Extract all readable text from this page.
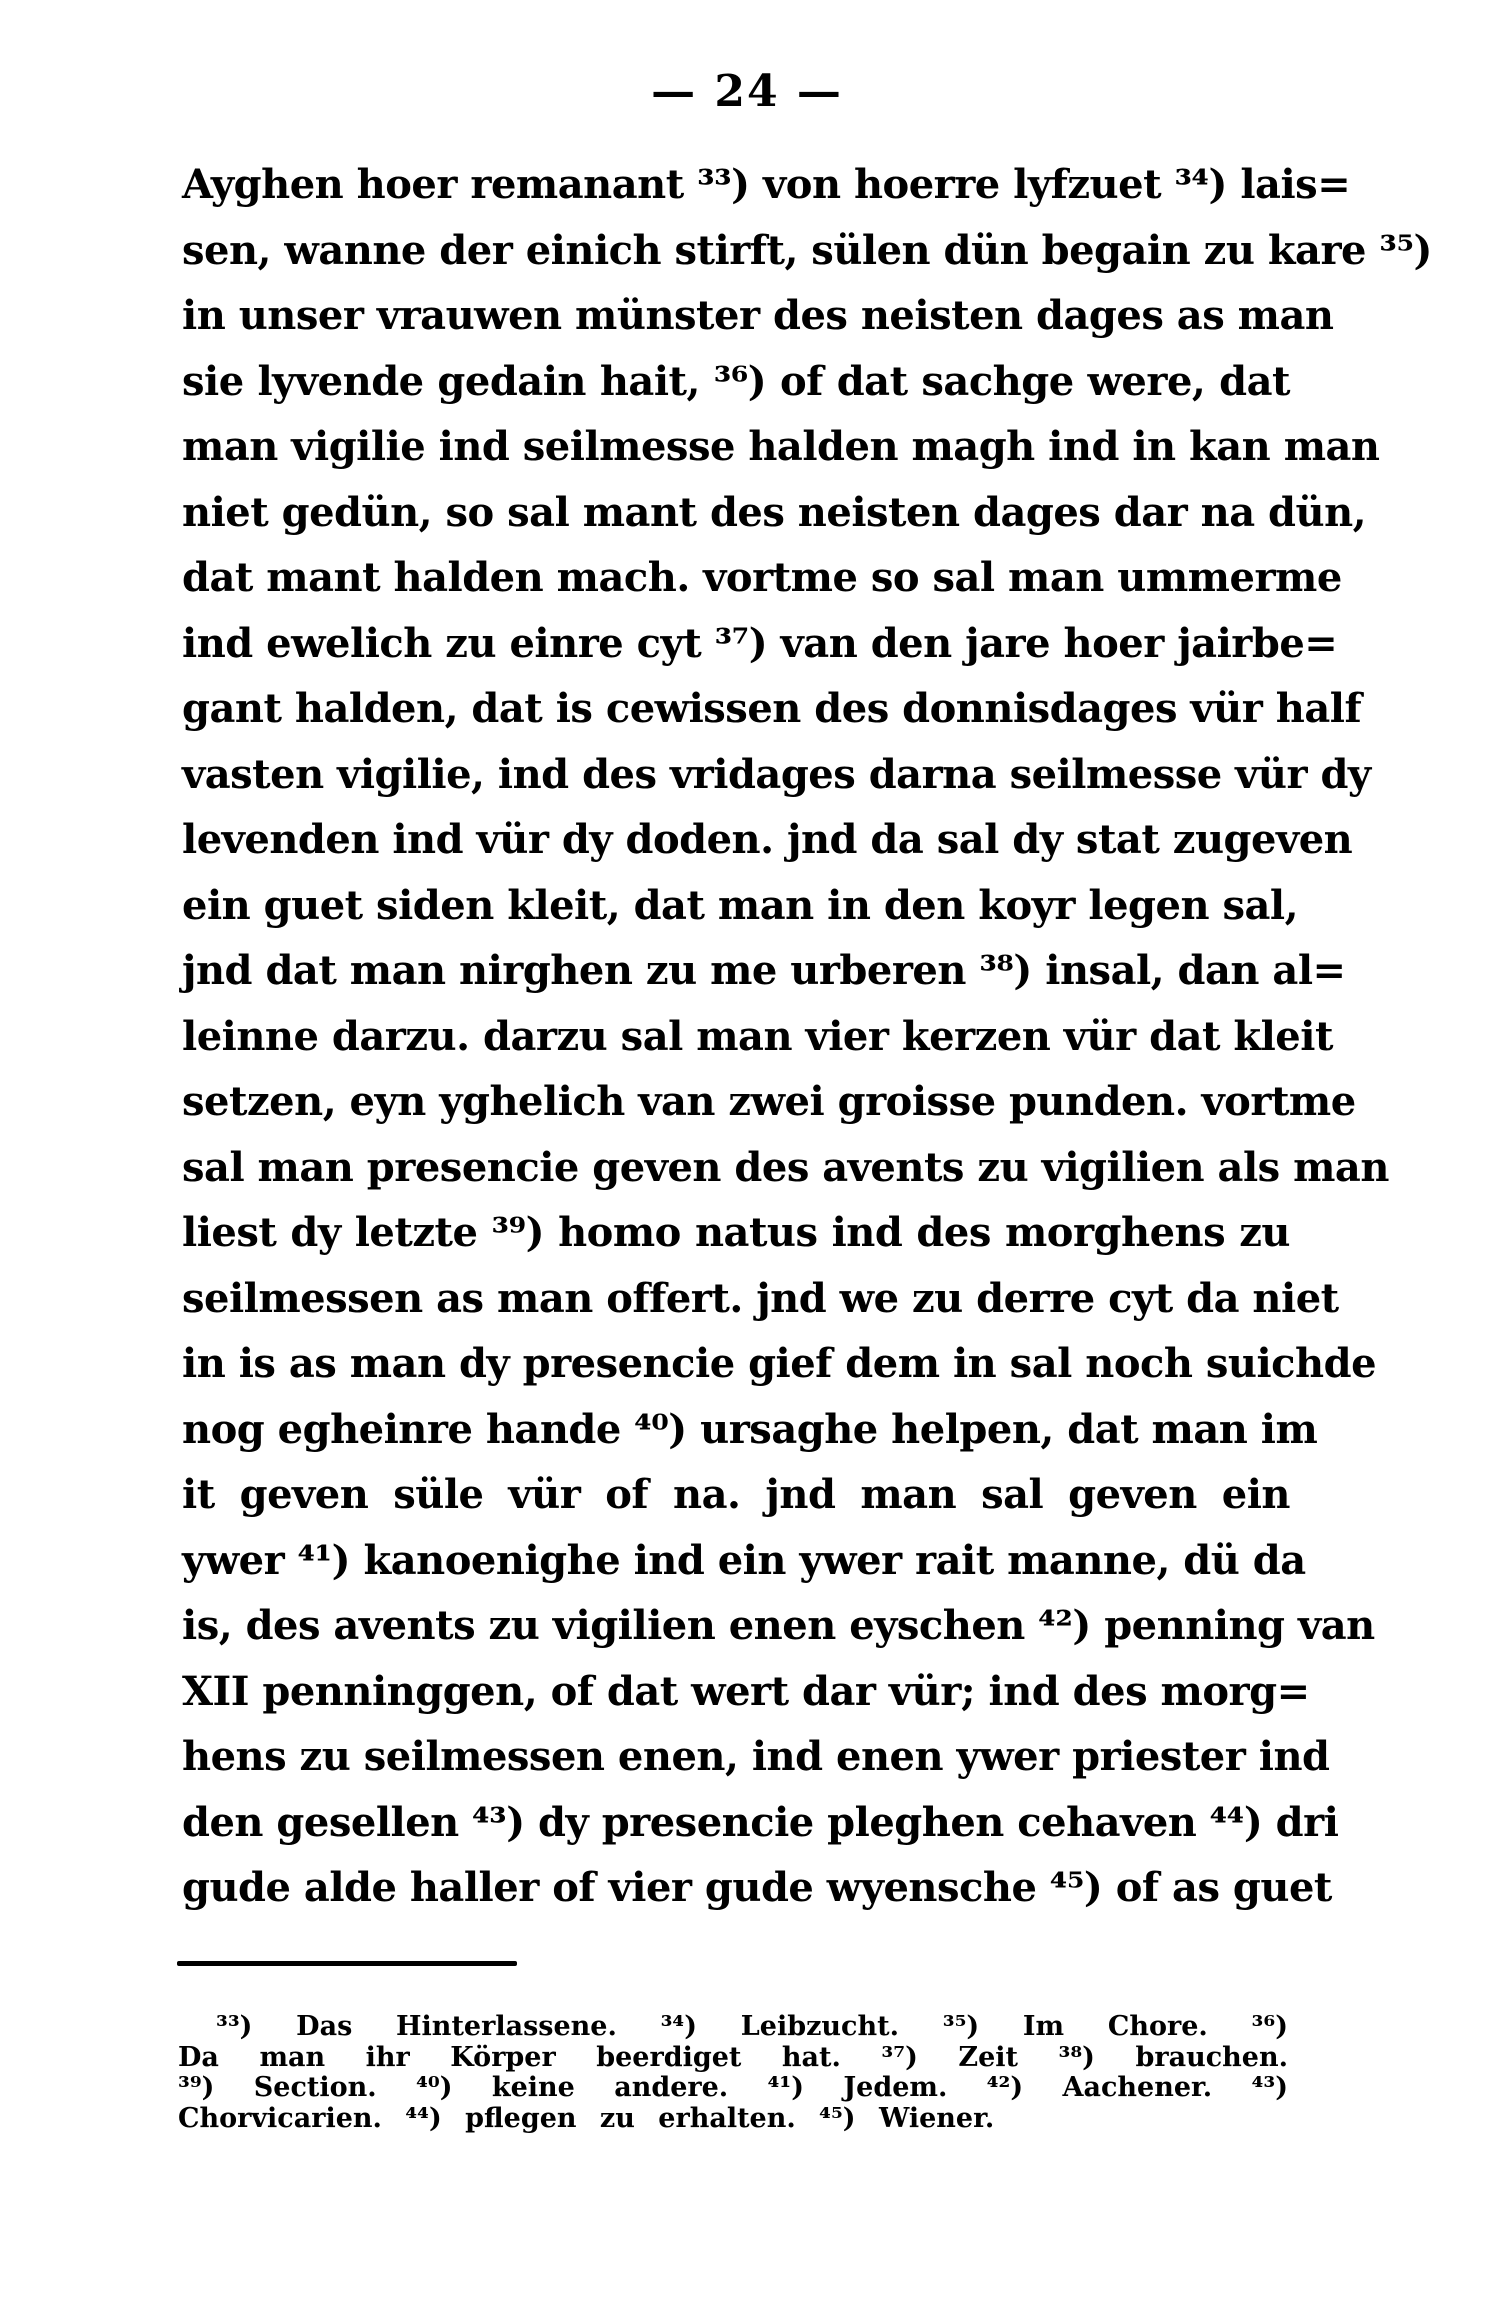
— 24 —
Ayghen hoer remanant ³³) von hoerre lyfzuet ³⁴) lais=
sen, wanne der einich stirft, sülen dün begain zu kare ³⁵)
in unser vrauwen münster des neisten dages as man
sie lyvende gedain hait, ³⁶) of dat sachge were, dat
man vigilie ind seilmesse halden magh ind in kan man
niet gedün, so sal mant des neisten dages dar na dün,
dat mant halden mach. vortme so sal man ummerme
ind ewelich zu einre cyt ³⁷) van den jare hoer jairbe=
gant halden, dat is cewissen des donnisdages vür half
vasten vigilie, ind des vridages darna seilmesse vür dy
levenden ind vür dy doden. jnd da sal dy stat zugeven
ein guet siden kleit, dat man in den koyr legen sal,
jnd dat man nirghen zu me urberen ³⁸) insal, dan al=
leinne darzu. darzu sal man vier kerzen vür dat kleit
setzen, eyn yghelich van zwei groisse punden. vortme
sal man presencie geven des avents zu vigilien als man
liest dy letzte ³⁹) homo natus ind des morghens zu
seilmessen as man offert. jnd we zu derre cyt da niet
in is as man dy presencie gief dem in sal noch suichde
nog egheinre hande ⁴⁰) ursaghe helpen, dat man im
it geven süle vür of na. jnd man sal geven ein
ywer ⁴¹) kanoenighe ind ein ywer rait manne, dü da
is, des avents zu vigilien enen eyschen ⁴²) penning van
XII penninggen, of dat wert dar vür; ind des morg=
hens zu seilmessen enen, ind enen ywer priester ind
den gesellen ⁴³) dy presencie pleghen cehaven ⁴⁴) dri
gude alde haller of vier gude wyensche ⁴⁵) of as guet
³³) Das Hinterlassene. ³⁴) Leibzucht. ³⁵) Im Chore. ³⁶)
Da man ihr Körper beerdiget hat. ³⁷) Zeit ³⁸) brauchen.
³⁹) Section. ⁴⁰) keine andere. ⁴¹) Jedem. ⁴²) Aachener. ⁴³)
Chorvicarien. ⁴⁴) pflegen zu erhalten. ⁴⁵) Wiener.
